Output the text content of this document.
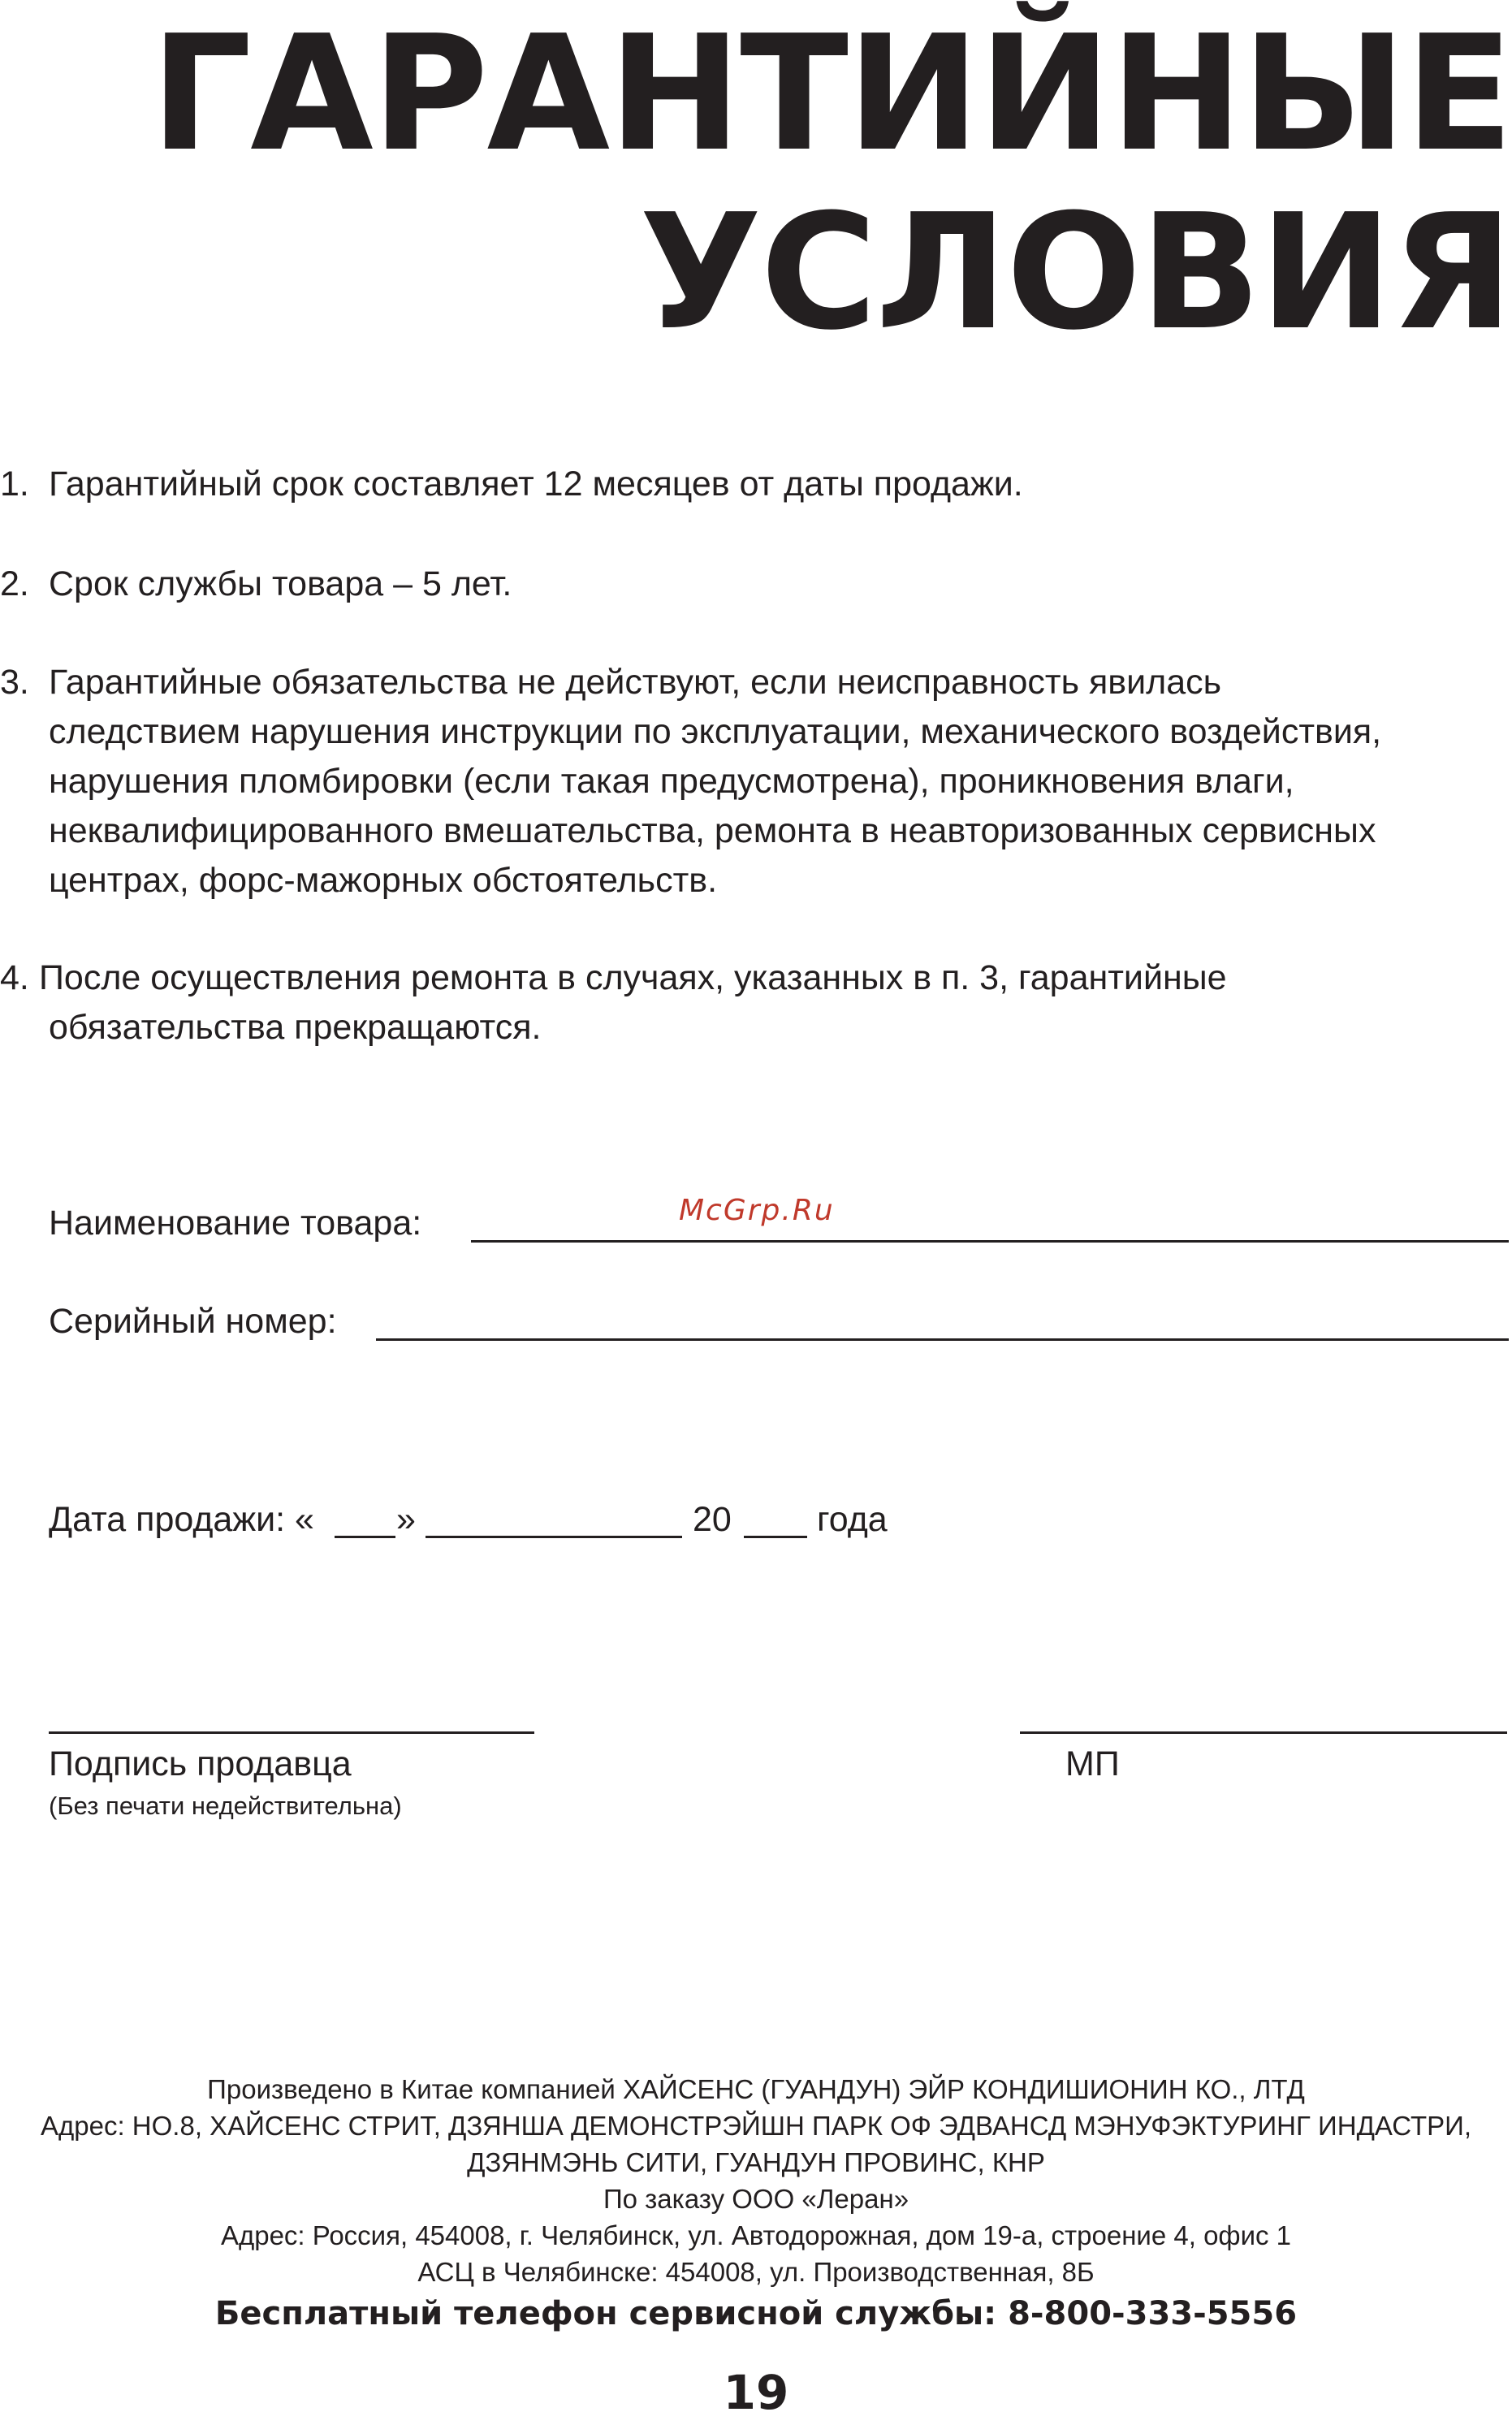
ГАРАНТИЙНЫЕ
УСЛОВИЯ
1. Гарантийный срок составляет 12 месяцев от даты продажи.
2. Срок службы товара – 5 лет.
3. Гарантийные обязательства не действуют, если неисправность явилась
следствием нарушения инструкции по эксплуатации, механического воздействия,
нарушения пломбировки (если такая предусмотрена), проникновения влаги,
неквалифицированного вмешательства, ремонта в неавторизованных сервисных
центрах, форс-мажорных обстоятельств.
4. После осуществления ремонта в случаях, указанных в п. 3, гарантийные
обязательства прекращаются.
Наименование товара:	McGrp.Ru
Серийный номер:
Дата продажи: « »	20 года
Подпись продавца
(Без печати недействительна)
МП
Произведено в Китае компанией ХАЙСЕНС (ГУАНДУН) ЭЙР КОНДИШИОНИН КО., ЛТД
Адрес: НО.8, ХАЙСЕНС СТРИТ, ДЗЯНША ДЕМОНСТРЭЙШН ПАРК ОФ ЭДВАНСД МЭНУФЭКТУРИНГ ИНДАСТРИ,
ДЗЯНМЭНЬ СИТИ, ГУАНДУН ПРОВИНС, КНР
По заказу ООО «Леран»
Адрес: Россия, 454008, г. Челябинск, ул. Автодорожная, дом 19-а, строение 4, офис 1
АСЦ в Челябинске: 454008, ул. Производственная, 8Б
Бесплатный телефон сервисной службы: 8-800-333-5556
19
